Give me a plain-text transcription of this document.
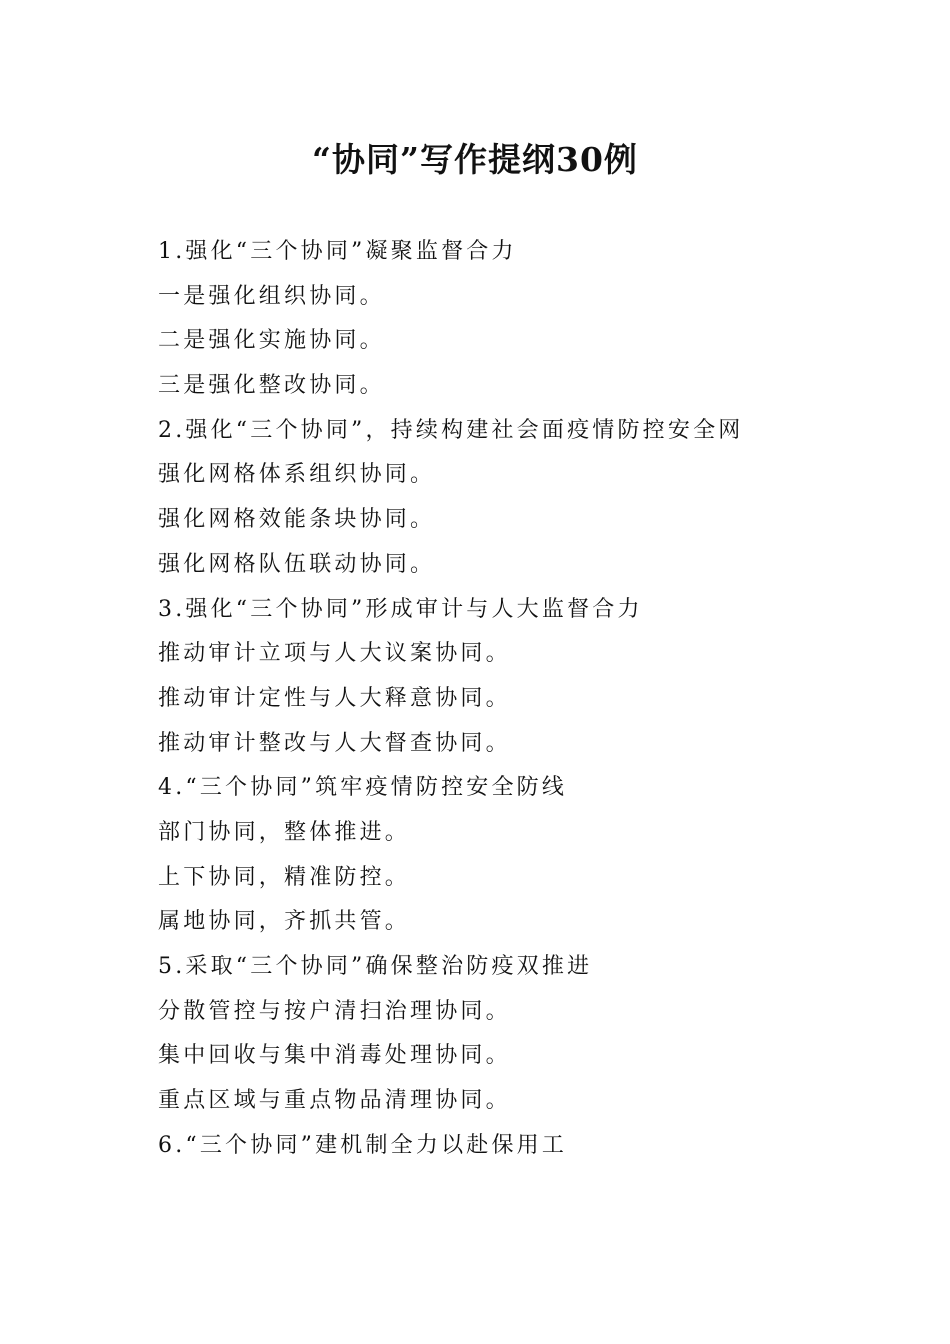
“协同”写作提纲30例
1.强化“三个协同”凝聚监督合力
一是强化组织协同。
二是强化实施协同。
三是强化整改协同。
2.强化“三个协同”，持续构建社会面疫情防控安全网
强化网格体系组织协同。
强化网格效能条块协同。
强化网格队伍联动协同。
3.强化“三个协同”形成审计与人大监督合力
推动审计立项与人大议案协同。
推动审计定性与人大释意协同。
推动审计整改与人大督查协同。
4.“三个协同”筑牢疫情防控安全防线
部门协同，整体推进。
上下协同，精准防控。
属地协同，齐抓共管。
5.采取“三个协同”确保整治防疫双推进
分散管控与按户清扫治理协同。
集中回收与集中消毒处理协同。
重点区域与重点物品清理协同。
6.“三个协同”建机制全力以赴保用工
